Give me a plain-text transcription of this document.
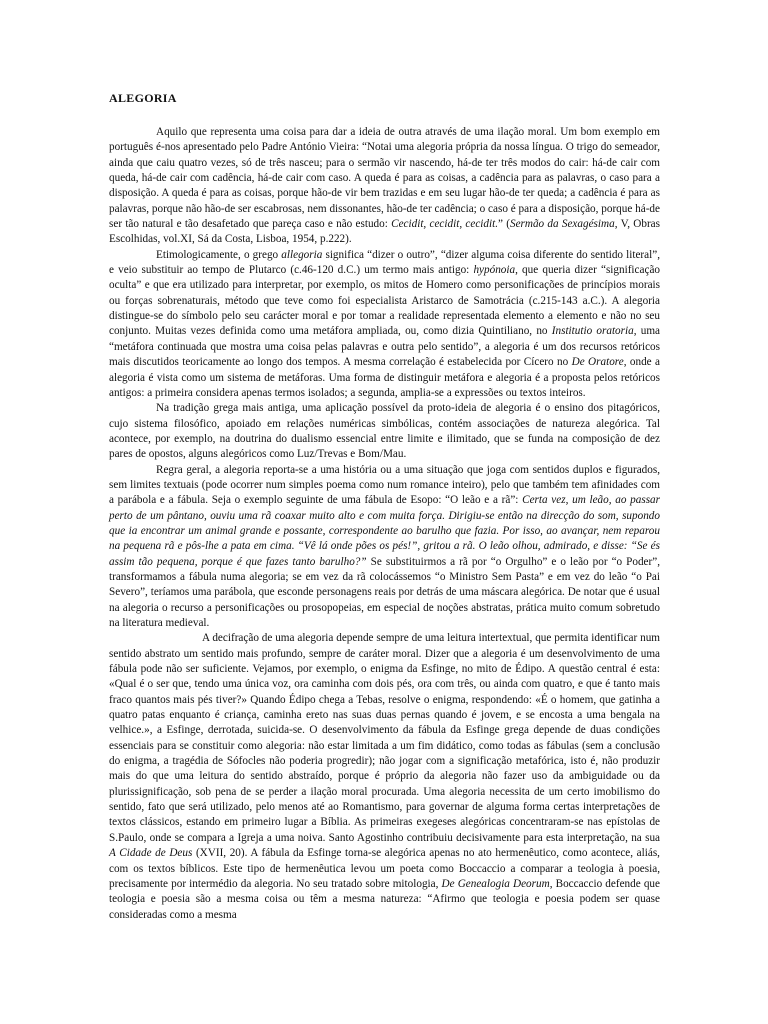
ALEGORIA

Aquilo que representa uma coisa para dar a ideia de outra através de uma ilação moral. Um bom exemplo em português é-nos apresentado pelo Padre António Vieira: “Notai uma alegoria própria da nossa língua. O trigo do semeador, ainda que caiu quatro vezes, só de três nasceu; para o sermão vir nascendo, há-de ter três modos do cair: há-de cair com queda, há-de cair com cadência, há-de cair com caso. A queda é para as coisas, a cadência para as palavras, o caso para a disposição. A queda é para as coisas, porque hão-de vir bem trazidas e em seu lugar hão-de ter queda; a cadência é para as palavras, porque não hão-de ser escabrosas, nem dissonantes, hão-de ter cadência; o caso é para a disposição, porque há-de ser tão natural e tão desafetado que pareça caso e não estudo: Cecidit, cecidit, cecidit.” (Sermão da Sexagésima, V, Obras Escolhidas, vol.XI, Sá da Costa, Lisboa, 1954, p.222).

Etimologicamente, o grego allegoria significa “dizer o outro”, “dizer alguma coisa diferente do sentido literal”, e veio substituir ao tempo de Plutarco (c.46-120 d.C.) um termo mais antigo: hypónoia, que queria dizer “significação oculta” e que era utilizado para interpretar, por exemplo, os mitos de Homero como personificações de princípios morais ou forças sobrenaturais, método que teve como foi especialista Aristarco de Samotrácia (c.215-143 a.C.). A alegoria distingue-se do símbolo pelo seu carácter moral e por tomar a realidade representada elemento a elemento e não no seu conjunto. Muitas vezes definida como uma metáfora ampliada, ou, como dizia Quintiliano, no Institutio oratoria, uma “metáfora continuada que mostra uma coisa pelas palavras e outra pelo sentido”, a alegoria é um dos recursos retóricos mais discutidos teoricamente ao longo dos tempos. A mesma correlação é estabelecida por Cícero no De Oratore, onde a alegoria é vista como um sistema de metáforas. Uma forma de distinguir metáfora e alegoria é a proposta pelos retóricos antigos: a primeira considera apenas termos isolados; a segunda, amplia-se a expressões ou textos inteiros.

Na tradição grega mais antiga, uma aplicação possível da proto-ideia de alegoria é o ensino dos pitagóricos, cujo sistema filosófico, apoiado em relações numéricas simbólicas, contém associações de natureza alegórica. Tal acontece, por exemplo, na doutrina do dualismo essencial entre limite e ilimitado, que se funda na composição de dez pares de opostos, alguns alegóricos como Luz/Trevas e Bom/Mau.

Regra geral, a alegoria reporta-se a uma história ou a uma situação que joga com sentidos duplos e figurados, sem limites textuais (pode ocorrer num simples poema como num romance inteiro), pelo que também tem afinidades com a parábola e a fábula. Seja o exemplo seguinte de uma fábula de Esopo: “O leão e a rã”: Certa vez, um leão, ao passar perto de um pântano, ouviu uma rã coaxar muito alto e com muita força. Dirigiu-se então na direcção do som, supondo que ia encontrar um animal grande e possante, correspondente ao barulho que fazia. Por isso, ao avançar, nem reparou na pequena rã e pôs-lhe a pata em cima. “Vê lá onde pões os pés!”, gritou a rã. O leão olhou, admirado, e disse: “Se és assim tão pequena, porque é que fazes tanto barulho?” Se substituirmos a rã por “o Orgulho” e o leão por “o Poder”, transformamos a fábula numa alegoria; se em vez da rã colocássemos “o Ministro Sem Pasta” e em vez do leão “o Pai Severo”, teríamos uma parábola, que esconde personagens reais por detrás de uma máscara alegórica. De notar que é usual na alegoria o recurso a personificações ou prosopopeias, em especial de noções abstratas, prática muito comum sobretudo na literatura medieval.

A decifração de uma alegoria depende sempre de uma leitura intertextual, que permita identificar num sentido abstrato um sentido mais profundo, sempre de caráter moral. Dizer que a alegoria é um desenvolvimento de uma fábula pode não ser suficiente. Vejamos, por exemplo, o enigma da Esfinge, no mito de Édipo. A questão central é esta: «Qual é o ser que, tendo uma única voz, ora caminha com dois pés, ora com três, ou ainda com quatro, e que é tanto mais fraco quantos mais pés tiver?» Quando Édipo chega a Tebas, resolve o enigma, respondendo: «É o homem, que gatinha a quatro patas enquanto é criança, caminha ereto nas suas duas pernas quando é jovem, e se encosta a uma bengala na velhice.», a Esfinge, derrotada, suicida-se. O desenvolvimento da fábula da Esfinge grega depende de duas condições essenciais para se constituir como alegoria: não estar limitada a um fim didático, como todas as fábulas (sem a conclusão do enigma, a tragédia de Sófocles não poderia progredir); não jogar com a significação metafórica, isto é, não produzir mais do que uma leitura do sentido abstraído, porque é próprio da alegoria não fazer uso da ambiguidade ou da plurissignificação, sob pena de se perder a ilação moral procurada. Uma alegoria necessita de um certo imobilismo do sentido, fato que será utilizado, pelo menos até ao Romantismo, para governar de alguma forma certas interpretações de textos clássicos, estando em primeiro lugar a Bíblia. As primeiras exegeses alegóricas concentraram-se nas epístolas de S.Paulo, onde se compara a Igreja a uma noiva. Santo Agostinho contribuiu decisivamente para esta interpretação, na sua A Cidade de Deus (XVII, 20). A fábula da Esfinge torna-se alegórica apenas no ato hermenêutico, como acontece, aliás, com os textos bíblicos. Este tipo de hermenêutica levou um poeta como Boccaccio a comparar a teologia à poesia, precisamente por intermédio da alegoria. No seu tratado sobre mitologia, De Genealogia Deorum, Boccaccio defende que teologia e poesia são a mesma coisa ou têm a mesma natureza: “Afirmo que teologia e poesia podem ser quase consideradas como a mesma
